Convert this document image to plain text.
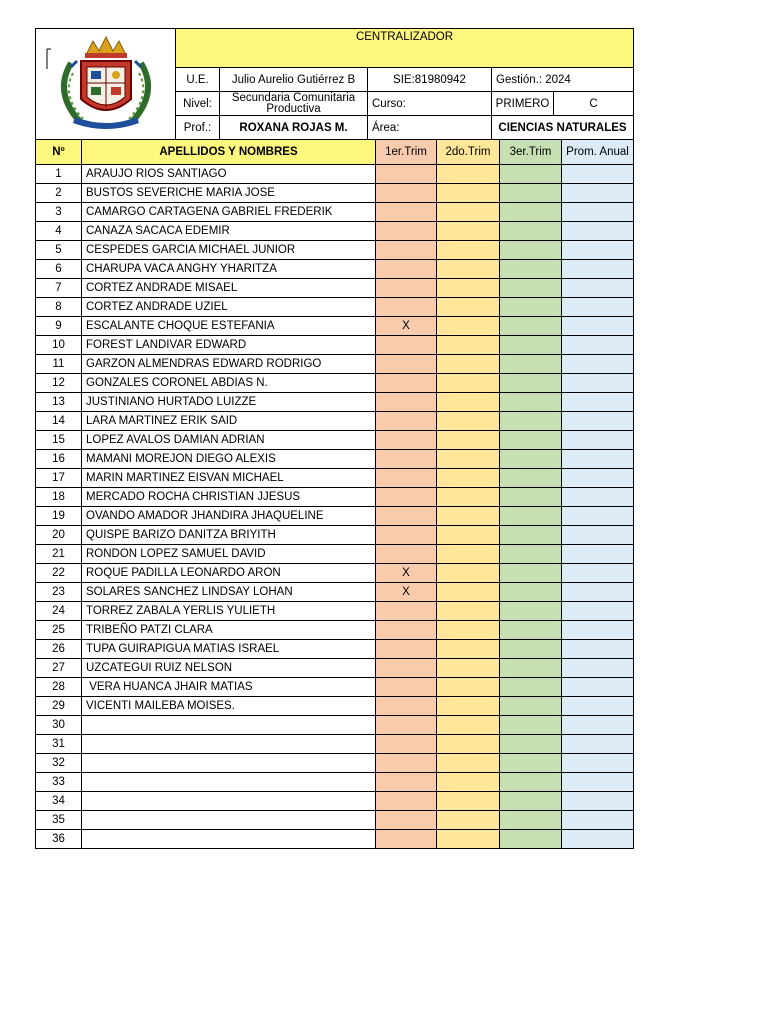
	CENTRALIZADOR				
	U.E.	Julio Aurelio Gutiérrez B	SIE:81980942	Gestión.: 2024	
	Nivel:	Secundaria Comunitaria Productiva	Curso:	PRIMERO	C
	Prof.:	ROXANA ROJAS M.	Área:	CIENCIAS NATURALES	
Nº	APELLIDOS Y NOMBRES	1er.Trim	2do.Trim	3er.Trim	Prom. Anual
1	ARAUJO RIOS SANTIAGO				
2	BUSTOS SEVERICHE MARIA JOSE				
3	CAMARGO CARTAGENA GABRIEL FREDERIK				
4	CANAZA SACACA EDEMIR				
5	CESPEDES GARCIA MICHAEL JUNIOR				
6	CHARUPA VACA ANGHY YHARITZA				
7	CORTEZ ANDRADE MISAEL				
8	CORTEZ ANDRADE UZIEL				
9	ESCALANTE CHOQUE ESTEFANIA	X			
10	FOREST LANDIVAR EDWARD				
11	GARZON ALMENDRAS EDWARD RODRIGO				
12	GONZALES CORONEL ABDIAS N.				
13	JUSTINIANO HURTADO LUIZZE				
14	LARA MARTINEZ ERIK SAID				
15	LOPEZ AVALOS DAMIAN ADRIAN				
16	MAMANI MOREJON DIEGO ALEXIS				
17	MARIN MARTINEZ EISVAN MICHAEL				
18	MERCADO ROCHA CHRISTIAN JJESUS				
19	OVANDO AMADOR JHANDIRA JHAQUELINE				
20	QUISPE BARIZO DANITZA BRIYITH				
21	RONDON LOPEZ SAMUEL DAVID				
22	ROQUE PADILLA LEONARDO ARON	X			
23	SOLARES SANCHEZ LINDSAY LOHAN	X			
24	TORREZ ZABALA YERLIS YULIETH				
25	TRIBEÑO PATZI CLARA				
26	TUPA GUIRAPIGUA MATIAS ISRAEL				
27	UZCATEGUI RUIZ NELSON				
28	VERA HUANCA JHAIR MATIAS				
29	VICENTI MAILEBA MOISES.				
30					
31					
32					
33					
34					
35					
36					
